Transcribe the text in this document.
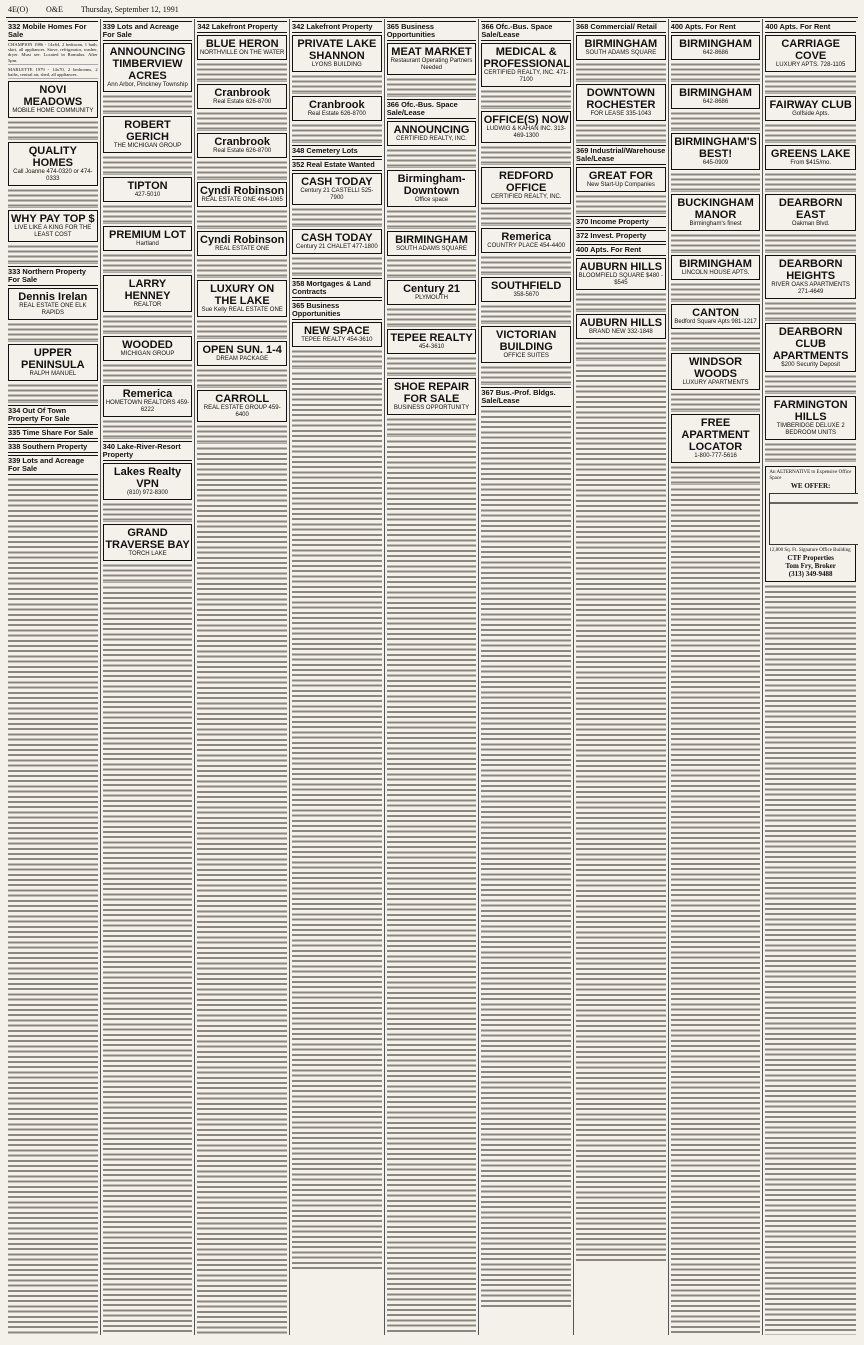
4E(O) O&E Thursday, September 12, 1991
332 Mobile Homes For Sale
CHAMPION 1986 - 14x64, 2 bedroom, 1 bath, skirt, all appliances. Stove, refrigerator, washer, dryer. Must see. Located in Romulus. After 5pm.
MARLETTE 1979 - 14x70, 2 bedrooms, 2 baths, central air, shed, all appliances.
NOVI MEADOWS
MOBILE HOME COMMUNITY
QUALITY HOMES
Call Joanne 474-0320 or 474-0333
WHY PAY TOP $
LIVE LIKE A KING FOR THE LEAST COST
333 Northern Property For Sale
Dennis Irelan
REAL ESTATE ONE ELK RAPIDS
UPPER PENINSULA
RALPH MANUEL
334 Out Of Town Property For Sale
335 Time Share For Sale
338 Southern Property
339 Lots and Acreage For Sale
339 Lots and Acreage For Sale
ANNOUNCING TIMBERVIEW ACRES
Ann Arbor, Pinckney Township
ROBERT GERICH
THE MICHIGAN GROUP
TIPTON
427-5010
PREMIUM LOT
Hartland
LARRY HENNEY
REALTOR
WOODED
MICHIGAN GROUP
Remerica
HOMETOWN REALTORS 459-6222
340 Lake-River-Resort Property
Lakes Realty VPN
(810) 972-8300
GRAND TRAVERSE BAY
TORCH LAKE
342 Lakefront Property
BLUE HERON
NORTHVILLE ON THE WATER
Cranbrook
Real Estate 626-8700
Cranbrook
Real Estate 626-8700
Cyndi Robinson
REAL ESTATE ONE 464-1065
Cyndi Robinson
REAL ESTATE ONE
LUXURY ON THE LAKE
Sue Kelly REAL ESTATE ONE
OPEN SUN. 1-4
DREAM PACKAGE
CARROLL
REAL ESTATE GROUP 459-6400
342 Lakefront Property
PRIVATE LAKE SHANNON
LYONS BUILDING
Cranbrook
Real Estate 626-8700
348 Cemetery Lots
352 Real Estate Wanted
CASH TODAY
Century 21 CASTELLI 525-7900
CASH TODAY
Century 21 CHALET 477-1800
358 Mortgages & Land Contracts
365 Business Opportunities
NEW SPACE
TEPEE REALTY 454-3610
365 Business Opportunities
MEAT MARKET
Restaurant Operating Partners Needed
366 Ofc.-Bus. Space Sale/Lease
ANNOUNCING
CERTIFIED REALTY, INC.
Birmingham-Downtown
Office space
BIRMINGHAM
SOUTH ADAMS SQUARE
Century 21
PLYMOUTH
TEPEE REALTY
454-3610
SHOE REPAIR FOR SALE
BUSINESS OPPORTUNITY
366 Ofc.-Bus. Space Sale/Lease
MEDICAL & PROFESSIONAL
CERTIFIED REALTY, INC. 471-7100
OFFICE(S) NOW
LUDWIG & KAHAN INC. 313-469-1300
REDFORD OFFICE
CERTIFIED REALTY, INC.
Remerica
COUNTRY PLACE 454-4400
SOUTHFIELD
358-5670
VICTORIAN BUILDING
OFFICE SUITES
367 Bus.-Prof. Bldgs. Sale/Lease
368 Commercial/ Retail
BIRMINGHAM
SOUTH ADAMS SQUARE
DOWNTOWN ROCHESTER
FOR LEASE 335-1043
369 Industrial/Warehouse Sale/Lease
GREAT FOR
New Start-Up Companies
370 Income Property
372 Invest. Property
400 Apts. For Rent
AUBURN HILLS
BLOOMFIELD SQUARE $480 - $545
AUBURN HILLS
BRAND NEW 332-1848
400 Apts. For Rent
BIRMINGHAM
642-8686
BIRMINGHAM
642-8686
BIRMINGHAM'S BEST!
645-0909
BUCKINGHAM MANOR
Birmingham's finest
BIRMINGHAM
LINCOLN HOUSE APTS.
CANTON
Bedford Square Apts 981-1217
WINDSOR WOODS
LUXURY APARTMENTS
FREE APARTMENT LOCATOR
1-800-777-5616
400 Apts. For Rent
CARRIAGE COVE
LUXURY APTS. 728-1105
FAIRWAY CLUB
Golfside Apts.
GREENS LAKE
From $415/mo.
DEARBORN EAST
Oakman Blvd.
DEARBORN HEIGHTS
RIVER OAKS APARTMENTS 271-4649
DEARBORN CLUB APARTMENTS
$200 Security Deposit
FARMINGTON HILLS
TIMBERIDGE DELUXE 2 BEDROOM UNITS
An ALTERNATIVE to Expensive Office Space
WE OFFER:
12,800 Sq. Ft. Signature Office Building
CTF Properties
Tom Fry, Broker
(313) 349-9488
